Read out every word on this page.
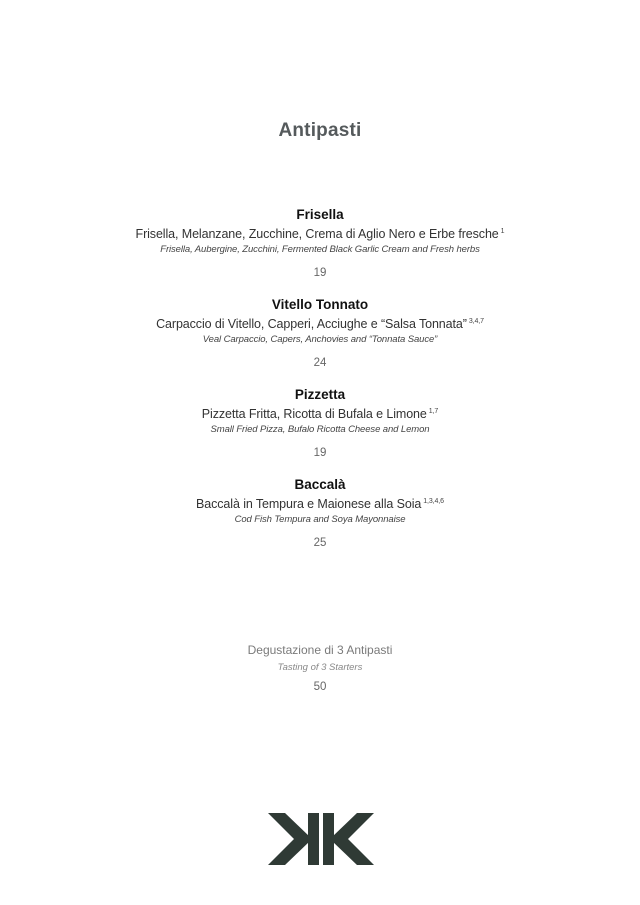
Antipasti
Frisella
Frisella, Melanzane, Zucchine, Crema di Aglio Nero e Erbe fresche $^1$
Frisella, Aubergine, Zucchini, Fermented Black Garlic Cream and Fresh herbs
19
Vitello Tonnato
Carpaccio di Vitello, Capperi, Acciughe e “Salsa Tonnata” $^{3,4,7}$
Veal Carpaccio, Capers, Anchovies and “Tonnata Sauce”
24
Pizzetta
Pizzetta Fritta, Ricotta di Bufala e Limone $^{1,7}$
Small Fried Pizza, Bufalo Ricotta Cheese and Lemon
19
Baccalà
Baccalà in Tempura e Maionese alla Soia $^{1,3,4,6}$
Cod Fish Tempura and Soya Mayonnaise
25
Degustazione di 3 Antipasti
Tasting of 3 Starters
50
